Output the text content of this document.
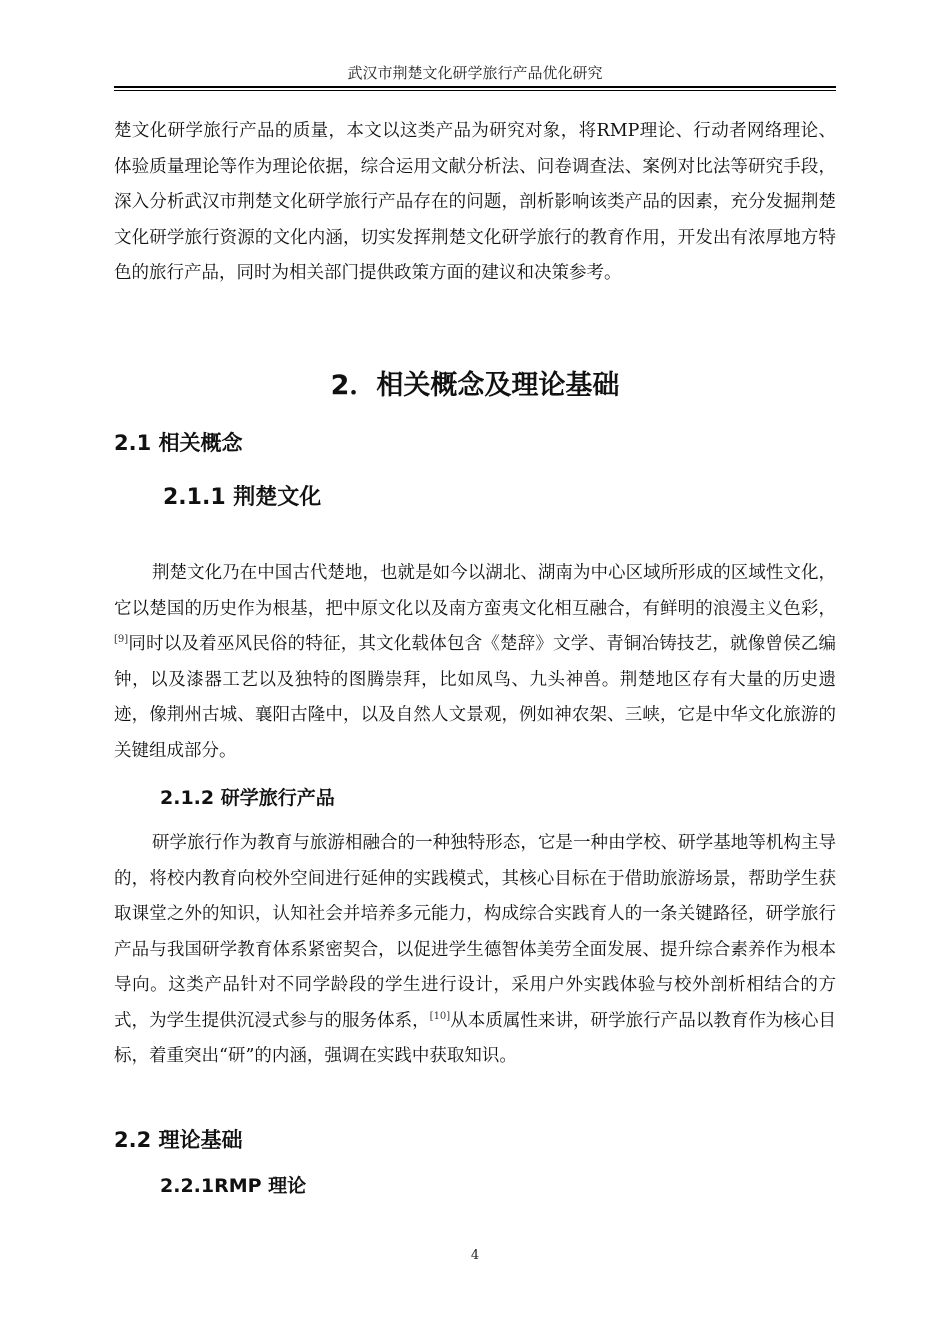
武汉市荆楚文化研学旅行产品优化研究

楚文化研学旅行产品的质量，本文以这类产品为研究对象，将RMP理论、行动者网络理论、体验质量理论等作为理论依据，综合运用文献分析法、问卷调查法、案例对比法等研究手段，深入分析武汉市荆楚文化研学旅行产品存在的问题，剖析影响该类产品的因素，充分发掘荆楚文化研学旅行资源的文化内涵，切实发挥荆楚文化研学旅行的教育作用，开发出有浓厚地方特色的旅行产品，同时为相关部门提供政策方面的建议和决策参考。

2．相关概念及理论基础
2.1 相关概念
2.1.1 荆楚文化

荆楚文化乃在中国古代楚地，也就是如今以湖北、湖南为中心区域所形成的区域性文化，它以楚国的历史作为根基，把中原文化以及南方蛮夷文化相互融合，有鲜明的浪漫主义色彩，[9]同时以及着巫风民俗的特征，其文化载体包含《楚辞》文学、青铜冶铸技艺，就像曾侯乙编钟，以及漆器工艺以及独特的图腾崇拜，比如凤鸟、九头神兽。荆楚地区存有大量的历史遗迹，像荆州古城、襄阳古隆中，以及自然人文景观，例如神农架、三峡，它是中华文化旅游的关键组成部分。

2.1.2 研学旅行产品

研学旅行作为教育与旅游相融合的一种独特形态，它是一种由学校、研学基地等机构主导的，将校内教育向校外空间进行延伸的实践模式，其核心目标在于借助旅游场景，帮助学生获取课堂之外的知识，认知社会并培养多元能力，构成综合实践育人的一条关键路径，研学旅行产品与我国研学教育体系紧密契合，以促进学生德智体美劳全面发展、提升综合素养作为根本导向。这类产品针对不同学龄段的学生进行设计，采用户外实践体验与校外剖析相结合的方式，为学生提供沉浸式参与的服务体系，[10]从本质属性来讲，研学旅行产品以教育作为核心目标，着重突出“研”的内涵，强调在实践中获取知识。

2.2 理论基础
2.2.1RMP 理论
4
